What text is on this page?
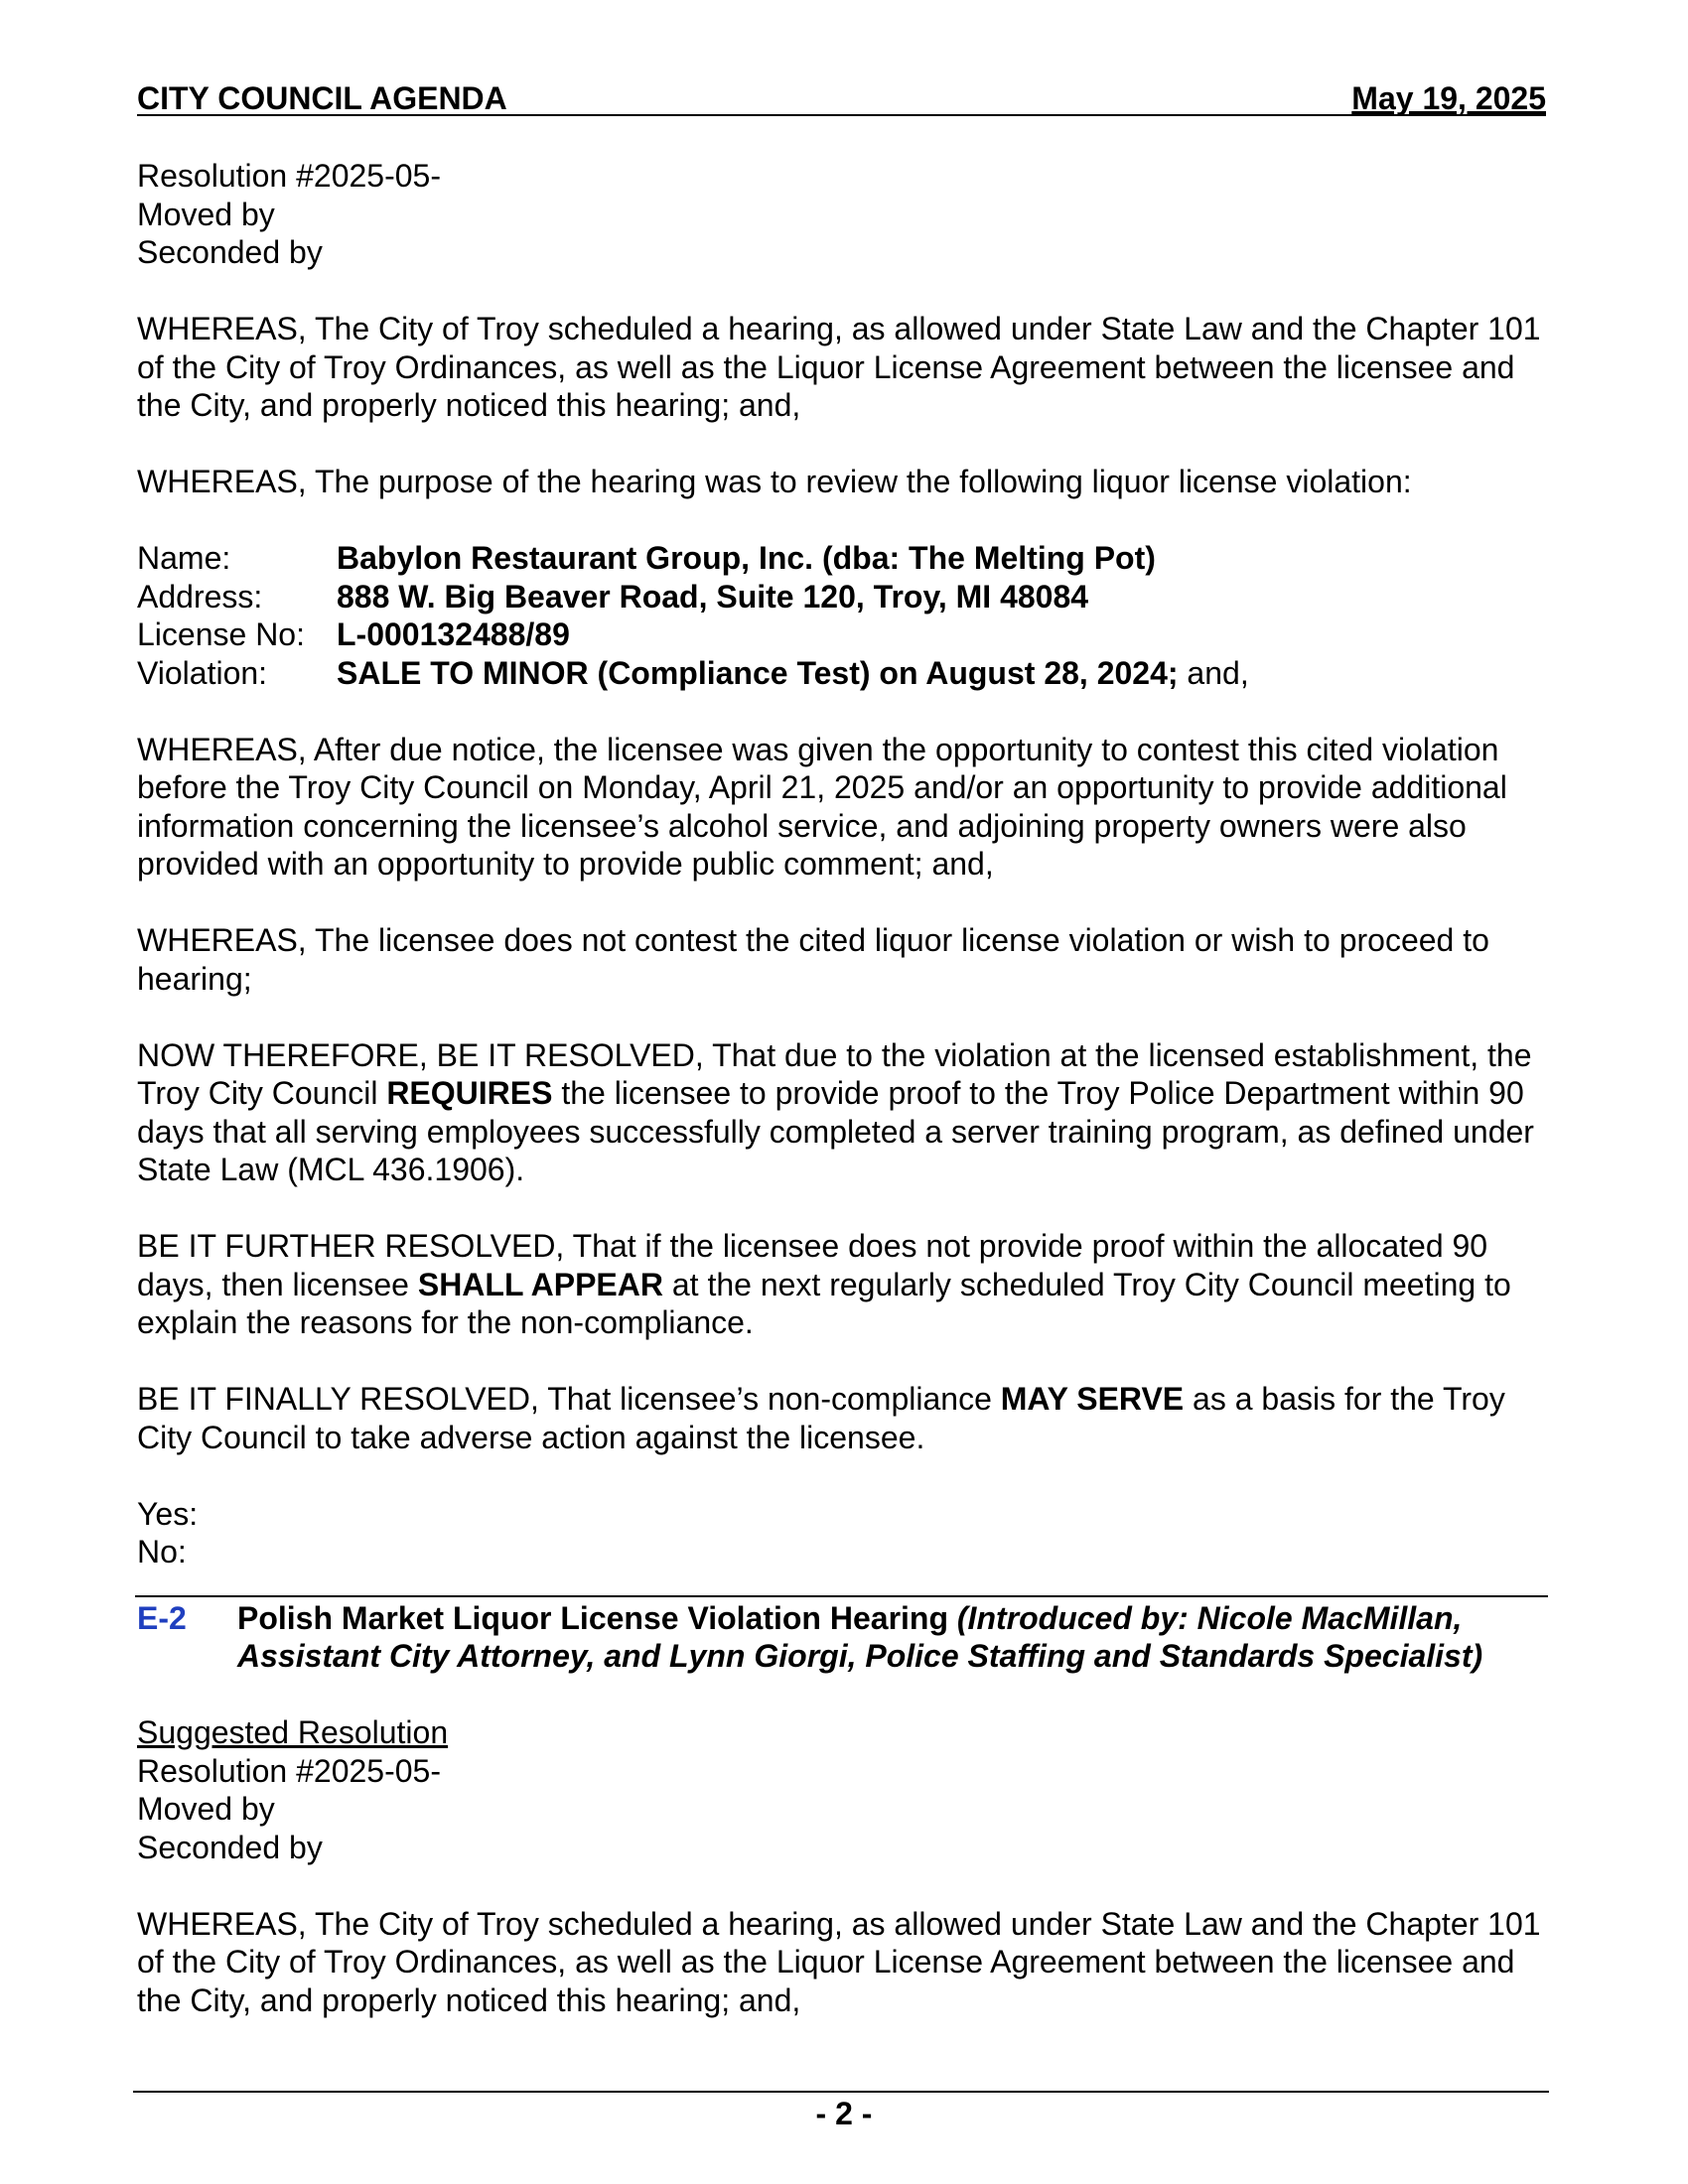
CITY COUNCIL AGENDA	May 19, 2025

Resolution #2025-05-

Moved by

Seconded by

WHEREAS, The City of Troy scheduled a hearing, as allowed under State Law and the Chapter 101 of the City of Troy Ordinances, as well as the Liquor License Agreement between the licensee and the City, and properly noticed this hearing; and,

WHEREAS, The purpose of the hearing was to review the following liquor license violation:

Name:	Babylon Restaurant Group, Inc. (dba: The Melting Pot)
Address:	888 W. Big Beaver Road, Suite 120, Troy, MI 48084
License No:	L-000132488/89
Violation:	SALE TO MINOR (Compliance Test) on August 28, 2024; and,

WHEREAS, After due notice, the licensee was given the opportunity to contest this cited violation before the Troy City Council on Monday, April 21, 2025 and/or an opportunity to provide additional information concerning the licensee’s alcohol service, and adjoining property owners were also provided with an opportunity to provide public comment; and,

WHEREAS, The licensee does not contest the cited liquor license violation or wish to proceed to hearing;

NOW THEREFORE, BE IT RESOLVED, That due to the violation at the licensed establishment, the Troy City Council REQUIRES the licensee to provide proof to the Troy Police Department within 90 days that all serving employees successfully completed a server training program, as defined under State Law (MCL 436.1906).

BE IT FURTHER RESOLVED, That if the licensee does not provide proof within the allocated 90 days, then licensee SHALL APPEAR at the next regularly scheduled Troy City Council meeting to explain the reasons for the non-compliance.

BE IT FINALLY RESOLVED, That licensee’s non-compliance MAY SERVE as a basis for the Troy City Council to take adverse action against the licensee.

Yes:

No:

E-2 Polish Market Liquor License Violation Hearing (Introduced by: Nicole MacMillan, Assistant City Attorney, and Lynn Giorgi, Police Staffing and Standards Specialist)

Suggested Resolution

Resolution #2025-05-

Moved by

Seconded by

WHEREAS, The City of Troy scheduled a hearing, as allowed under State Law and the Chapter 101 of the City of Troy Ordinances, as well as the Liquor License Agreement between the licensee and the City, and properly noticed this hearing; and,

- 2 -
